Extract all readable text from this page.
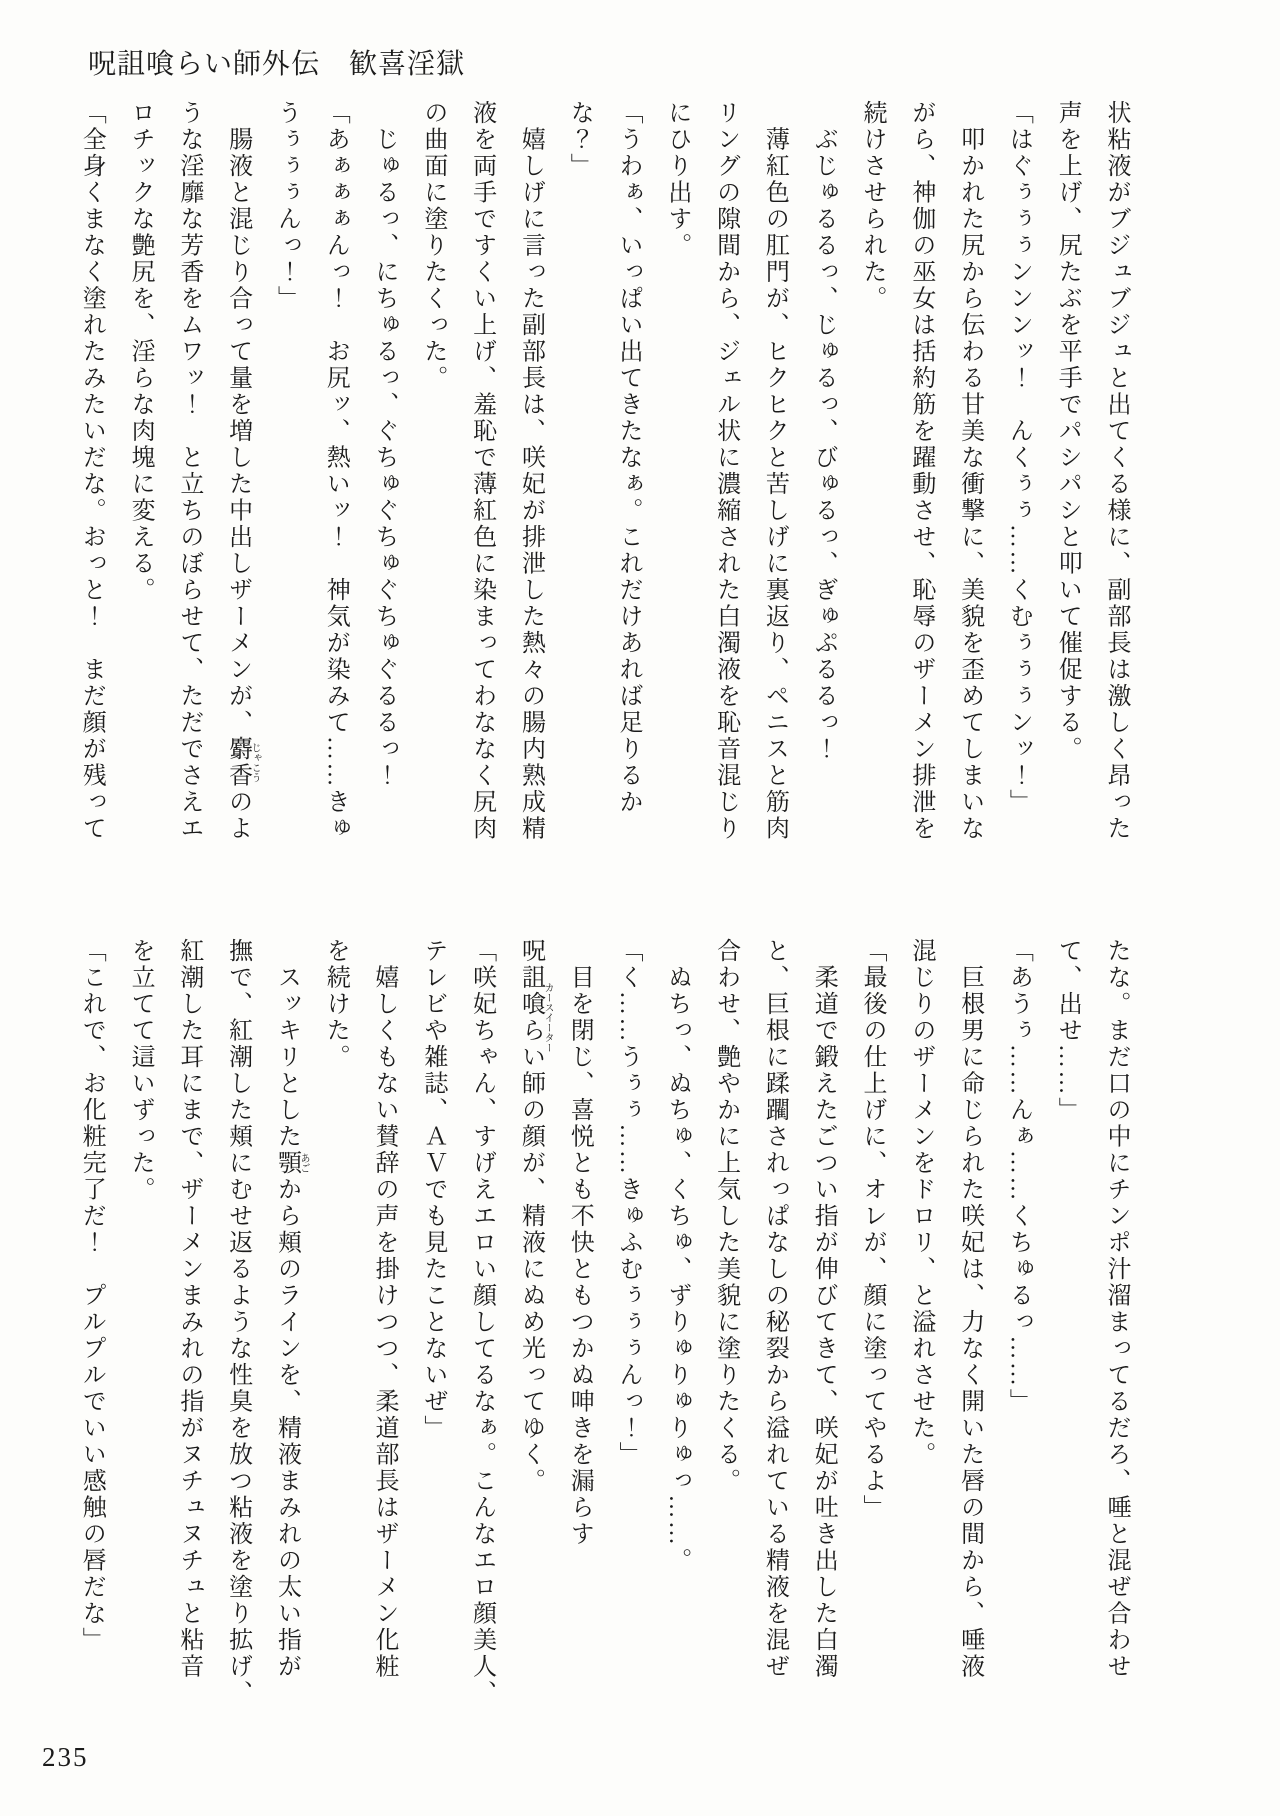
呪詛喰らい師外伝　歓喜淫獄

状粘液がブジュブジュと出てくる様に、副部長は激しく昂った

声を上げ、尻たぶを平手でパシパシと叩いて催促する。

「はぐぅぅぅンンンッ！　んくぅぅ……くむぅぅぅンッ！」

　叩かれた尻から伝わる甘美な衝撃に、美貌を歪めてしまいな

がら、神伽の巫女は括約筋を躍動させ、恥辱のザーメン排泄を

続けさせられた。

　ぶじゅるるっ、じゅるっ、びゅるっ、ぎゅぷるるっ！

　薄紅色の肛門が、ヒクヒクと苦しげに裏返り、ペニスと筋肉

リングの隙間から、ジェル状に濃縮された白濁液を恥音混じり

にひり出す。

「うわぁ、いっぱい出てきたなぁ。これだけあれば足りるか

な？」

　嬉しげに言った副部長は、咲妃が排泄した熱々の腸内熟成精

液を両手ですくい上げ、羞恥で薄紅色に染まってわななく尻肉

の曲面に塗りたくった。

　じゅるっ、にちゅるっ、ぐちゅぐちゅぐちゅぐるるっ！

「あぁぁぁんっ！　お尻ッ、熱いッ！　神気が染みて……きゅ

うぅぅぅんっ！」

　腸液と混じり合って量を増した中出しザーメンが、麝香じゃこうのよ

うな淫靡な芳香をムワッ！　と立ちのぼらせて、ただでさえエ

ロチックな艶尻を、淫らな肉塊に変える。

「全身くまなく塗れたみたいだな。おっと！　まだ顔が残って

たな。まだ口の中にチンポ汁溜まってるだろ、唾と混ぜ合わせ

て、出せ……」

「あうぅ……んぁ……くちゅるっ……」

　巨根男に命じられた咲妃は、力なく開いた唇の間から、唾液

混じりのザーメンをドロリ、と溢れさせた。

「最後の仕上げに、オレが、顔に塗ってやるよ」

　柔道で鍛えたごつい指が伸びてきて、咲妃が吐き出した白濁

と、巨根に蹂躙されっぱなしの秘裂から溢れている精液を混ぜ

合わせ、艶やかに上気した美貌に塗りたくる。

　ぬちっ、ぬちゅ、くちゅ、ずりゅりゅりゅっ……。

「く……うぅぅ……きゅふむぅぅぅんっ！」

　目を閉じ、喜悦とも不快ともつかぬ呻きを漏らす

呪詛喰らい師カースイーターの顔が、精液にぬめ光ってゆく。

「咲妃ちゃん、すげえエロい顔してるなぁ。こんなエロ顔美人、

テレビや雑誌、ＡＶでも見たことないぜ」

　嬉しくもない賛辞の声を掛けつつ、柔道部長はザーメン化粧

を続けた。

　スッキリとした顎あごから頬のラインを、精液まみれの太い指が

撫で、紅潮した頬にむせ返るような性臭を放つ粘液を塗り拡げ、

紅潮した耳にまで、ザーメンまみれの指がヌチュヌチュと粘音

を立てて這いずった。

「これで、お化粧完了だ！　プルプルでいい感触の唇だな」

235
